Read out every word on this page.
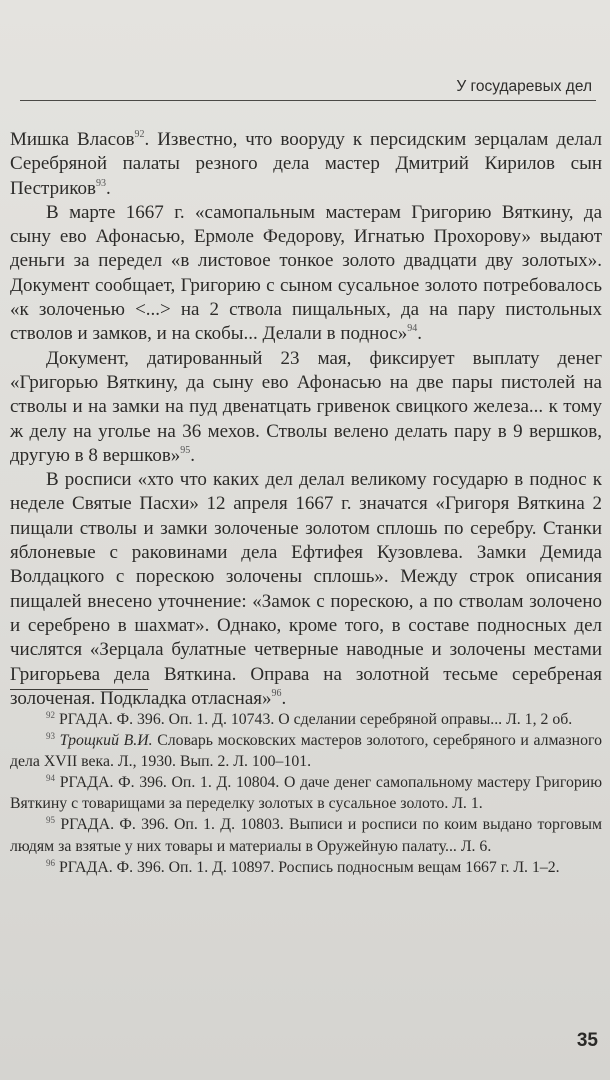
У государевых дел

Мишка Власов$^{92}$. Известно, что вооруду к персидским зерцалам делал Серебряной палаты резного дела мастер Дмитрий Кирилов сын Пестриков$^{93}$.

В марте 1667 г. «самопальным мастерам Григорию Вяткину, да сыну ево Афонасью, Ермоле Федорову, Игнатью Прохорову» выдают деньги за передел «в листовое тонкое золото двадцати дву золотых». Документ сообщает, Григорию с сыном сусальное золото потребовалось «к золоченью <...> на 2 ствола пищальных, да на пару пистольных стволов и замков, и на скобы... Делали в поднос»$^{94}$.

Документ, датированный 23 мая, фиксирует выплату денег «Григорью Вяткину, да сыну ево Афонасью на две пары пистолей на стволы и на замки на пуд двенатцать гривенок свицкого железа... к тому ж делу на уголье на 36 мехов. Стволы велено делать пару в 9 вершков, другую в 8 вершков»$^{95}$.

В росписи «хто что каких дел делал великому государю в поднос к неделе Святые Пасхи» 12 апреля 1667 г. значатся «Григоря Вяткина 2 пищали стволы и замки золоченые золотом сплошь по серебру. Станки яблоневые с раковинами дела Ефтифея Кузовлева. Замки Демида Волдацкого с порескою золочены сплошь». Между строк описания пищалей внесено уточнение: «Замок с порескою, а по стволам золочено и серебрено в шахмат». Однако, кроме того, в составе подносных дел числятся «Зерцала булатные четверные наводные и золочены местами Григорьева дела Вяткина. Оправа на золотной тесьме серебреная золоченая. Подкладка отласная»$^{96}$.

$^{92}$ РГАДА. Ф. 396. Оп. 1. Д. 10743. О сделании серебряной оправы... Л. 1, 2 об.

$^{93}$ Трощкий В.И. Словарь московских мастеров золотого, серебряного и алмазного дела XVII века. Л., 1930. Вып. 2. Л. 100–101.

$^{94}$ РГАДА. Ф. 396. Оп. 1. Д. 10804. О даче денег самопальному мастеру Григорию Вяткину с товарищами за переделку золотых в сусальное золото. Л. 1.

$^{95}$ РГАДА. Ф. 396. Оп. 1. Д. 10803. Выписи и росписи по коим выдано торговым людям за взятые у них товары и материалы в Оружейную палату... Л. 6.

$^{96}$ РГАДА. Ф. 396. Оп. 1. Д. 10897. Роспись подносным вещам 1667 г. Л. 1–2.

35
